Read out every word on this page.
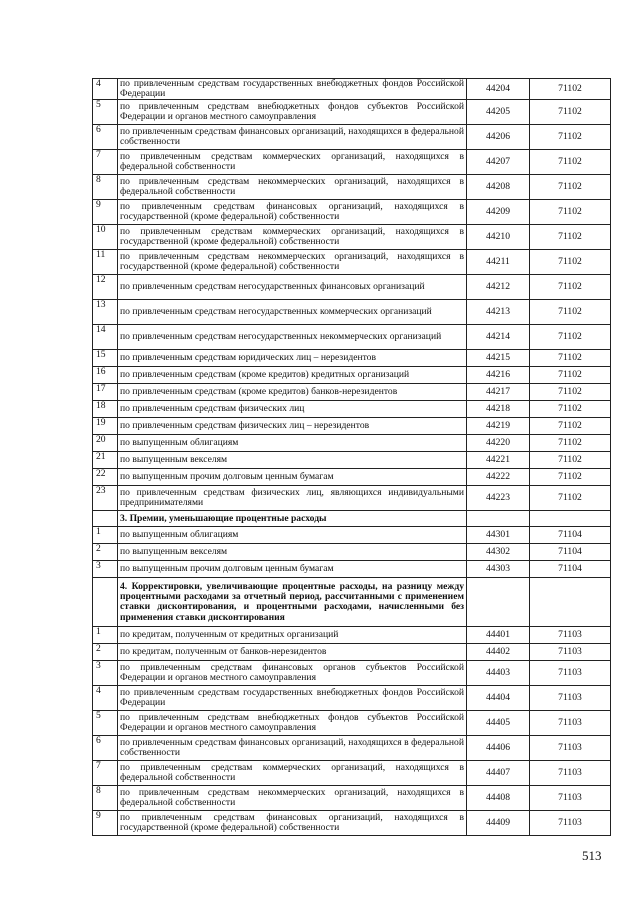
4	по привлеченным средствам государственных внебюджетных фондов Российской Федерации	44204	71102
5	по привлеченным средствам внебюджетных фондов субъектов Российской Федерации и органов местного самоуправления	44205	71102
6	по привлеченным средствам финансовых организаций, находящихся в федеральной собственности	44206	71102
7	по привлеченным средствам коммерческих организаций, находящихся в федеральной собственности	44207	71102
8	по привлеченным средствам некоммерческих организаций, находящихся в федеральной собственности	44208	71102
9	по привлеченным средствам финансовых организаций, находящихся в государственной (кроме федеральной) собственности	44209	71102
10	по привлеченным средствам коммерческих организаций, находящихся в государственной (кроме федеральной) собственности	44210	71102
11	по привлеченным средствам некоммерческих организаций, находящихся в государственной (кроме федеральной) собственности	44211	71102
12	по привлеченным средствам негосударственных финансовых организаций	44212	71102
13	по привлеченным средствам негосударственных коммерческих организаций	44213	71102
14	по привлеченным средствам негосударственных некоммерческих организаций	44214	71102
15	по привлеченным средствам юридических лиц – нерезидентов	44215	71102
16	по привлеченным средствам (кроме кредитов) кредитных организаций	44216	71102
17	по привлеченным средствам (кроме кредитов) банков-нерезидентов	44217	71102
18	по привлеченным средствам физических лиц	44218	71102
19	по привлеченным средствам физических лиц – нерезидентов	44219	71102
20	по выпущенным облигациям	44220	71102
21	по выпущенным векселям	44221	71102
22	по выпущенным прочим долговым ценным бумагам	44222	71102
23	по привлеченным средствам физических лиц, являющихся индивидуальными предпринимателями	44223	71102
	3. Премии, уменьшающие процентные расходы		
1	по выпущенным облигациям	44301	71104
2	по выпущенным векселям	44302	71104
3	по выпущенным прочим долговым ценным бумагам	44303	71104
	4. Корректировки, увеличивающие процентные расходы, на разницу между процентными расходами за отчетный период, рассчитанными с применением ставки дисконтирования, и процентными расходами, начисленными без применения ставки дисконтирования		
1	по кредитам, полученным от кредитных организаций	44401	71103
2	по кредитам, полученным от банков-нерезидентов	44402	71103
3	по привлеченным средствам финансовых органов субъектов Российской Федерации и органов местного самоуправления	44403	71103
4	по привлеченным средствам государственных внебюджетных фондов Российской Федерации	44404	71103
5	по привлеченным средствам внебюджетных фондов субъектов Российской Федерации и органов местного самоуправления	44405	71103
6	по привлеченным средствам финансовых организаций, находящихся в федеральной собственности	44406	71103
7	по привлеченным средствам коммерческих организаций, находящихся в федеральной собственности	44407	71103
8	по привлеченным средствам некоммерческих организаций, находящихся в федеральной собственности	44408	71103
9	по привлеченным средствам финансовых организаций, находящихся в государственной (кроме федеральной) собственности	44409	71103
513
